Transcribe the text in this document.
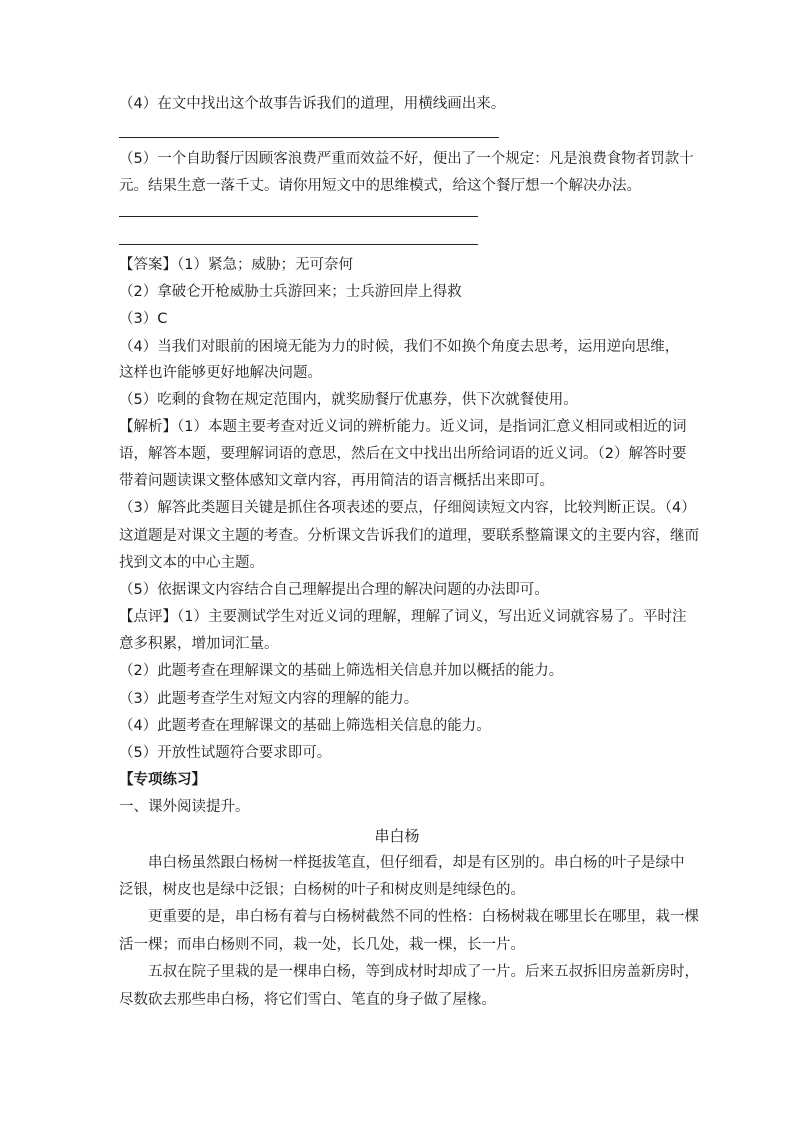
（4）在文中找出这个故事告诉我们的道理，用横线画出来。
（5）一个自助餐厅因顾客浪费严重而效益不好，便出了一个规定：凡是浪费食物者罚款十
元。结果生意一落千丈。请你用短文中的思维模式，给这个餐厅想一个解决办法。
【答案】（1）紧急；威胁；无可奈何
（2）拿破仑开枪威胁士兵游回来；士兵游回岸上得救
（3）C
（4）当我们对眼前的困境无能为力的时候，我们不如换个角度去思考，运用逆向思维，
这样也许能够更好地解决问题。
（5）吃剩的食物在规定范围内，就奖励餐厅优惠券，供下次就餐使用。
【解析】（1）本题主要考查对近义词的辨析能力。近义词，是指词汇意义相同或相近的词
语，解答本题，要理解词语的意思，然后在文中找出出所给词语的近义词。（2）解答时要
带着问题读课文整体感知文章内容，再用简洁的语言概括出来即可。
（3）解答此类题目关键是抓住各项表述的要点，仔细阅读短文内容，比较判断正误。（4）
这道题是对课文主题的考查。分析课文告诉我们的道理，要联系整篇课文的主要内容，继而
找到文本的中心主题。
（5）依据课文内容结合自己理解提出合理的解决问题的办法即可。
【点评】（1）主要测试学生对近义词的理解，理解了词义，写出近义词就容易了。平时注
意多积累，增加词汇量。
（2）此题考查在理解课文的基础上筛选相关信息并加以概括的能力。
（3）此题考查学生对短文内容的理解的能力。
（4）此题考查在理解课文的基础上筛选相关信息的能力。
（5）开放性试题符合要求即可。
【专项练习】
一、课外阅读提升。
串白杨
串白杨虽然跟白杨树一样挺拔笔直，但仔细看，却是有区别的。串白杨的叶子是绿中
泛银，树皮也是绿中泛银；白杨树的叶子和树皮则是纯绿色的。
更重要的是，串白杨有着与白杨树截然不同的性格：白杨树栽在哪里长在哪里，栽一棵
活一棵；而串白杨则不同，栽一处，长几处，栽一棵，长一片。
五叔在院子里栽的是一棵串白杨，等到成材时却成了一片。后来五叔拆旧房盖新房时，
尽数砍去那些串白杨，将它们雪白、笔直的身子做了屋椽。
